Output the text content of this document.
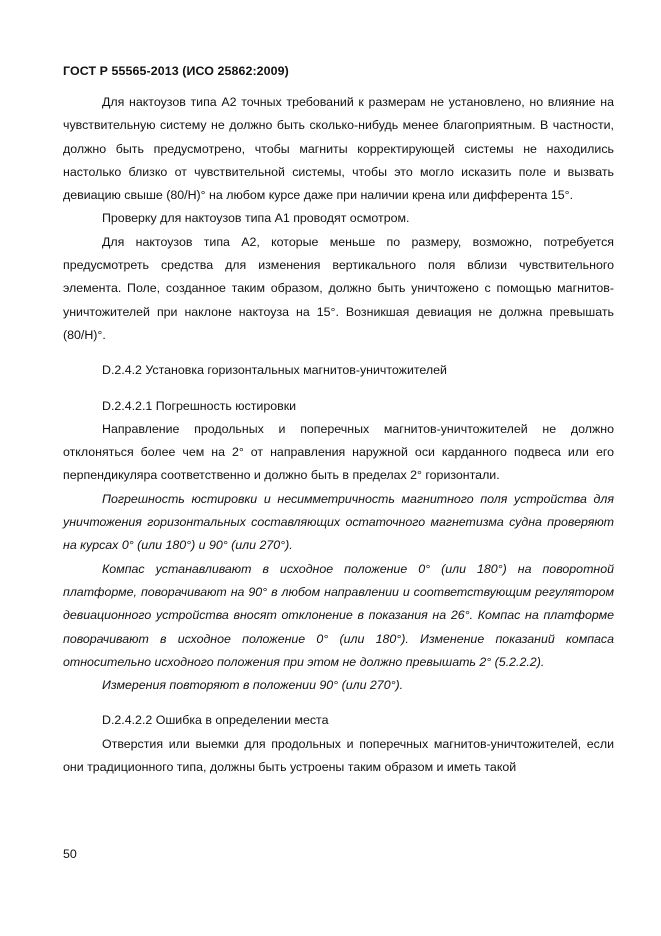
ГОСТ Р 55565-2013 (ИСО 25862:2009)

Для нактоузов типа А2 точных требований к размерам не установлено, но влияние на чувствительную систему не должно быть сколько-нибудь менее благоприятным. В частности, должно быть предусмотрено, чтобы магниты корректирующей системы не находились настолько близко от чувствительной системы, чтобы это могло исказить поле и вызвать девиацию свыше (80/H)° на любом курсе даже при наличии крена или дифферента 15°.

Проверку для нактоузов типа А1 проводят осмотром.

Для нактоузов типа А2, которые меньше по размеру, возможно, потребуется предусмотреть средства для изменения вертикального поля вблизи чувствительного элемента. Поле, созданное таким образом, должно быть уничтожено с помощью магнитов-уничтожителей при наклоне нактоуза на 15°. Возникшая девиация не должна превышать (80/H)°.

D.2.4.2 Установка горизонтальных магнитов-уничтожителей

D.2.4.2.1 Погрешность юстировки

Направление продольных и поперечных магнитов-уничтожителей не должно отклоняться более чем на 2° от направления наружной оси карданного подвеса или его перпендикуляра соответственно и должно быть в пределах 2° горизонтали.

Погрешность юстировки и несимметричность магнитного поля устройства для уничтожения горизонтальных составляющих остаточного магнетизма судна проверяют на курсах 0° (или 180°) и 90° (или 270°).

Компас устанавливают в исходное положение 0° (или 180°) на поворотной платформе, поворачивают на 90° в любом направлении и соответствующим регулятором девиационного устройства вносят отклонение в показания на 26°. Компас на платформе поворачивают в исходное положение 0° (или 180°). Изменение показаний компаса относительно исходного положения при этом не должно превышать 2° (5.2.2.2).

Измерения повторяют в положении 90° (или 270°).

D.2.4.2.2 Ошибка в определении места

Отверстия или выемки для продольных и поперечных магнитов-уничтожителей, если они традиционного типа, должны быть устроены таким образом и иметь такой

50
